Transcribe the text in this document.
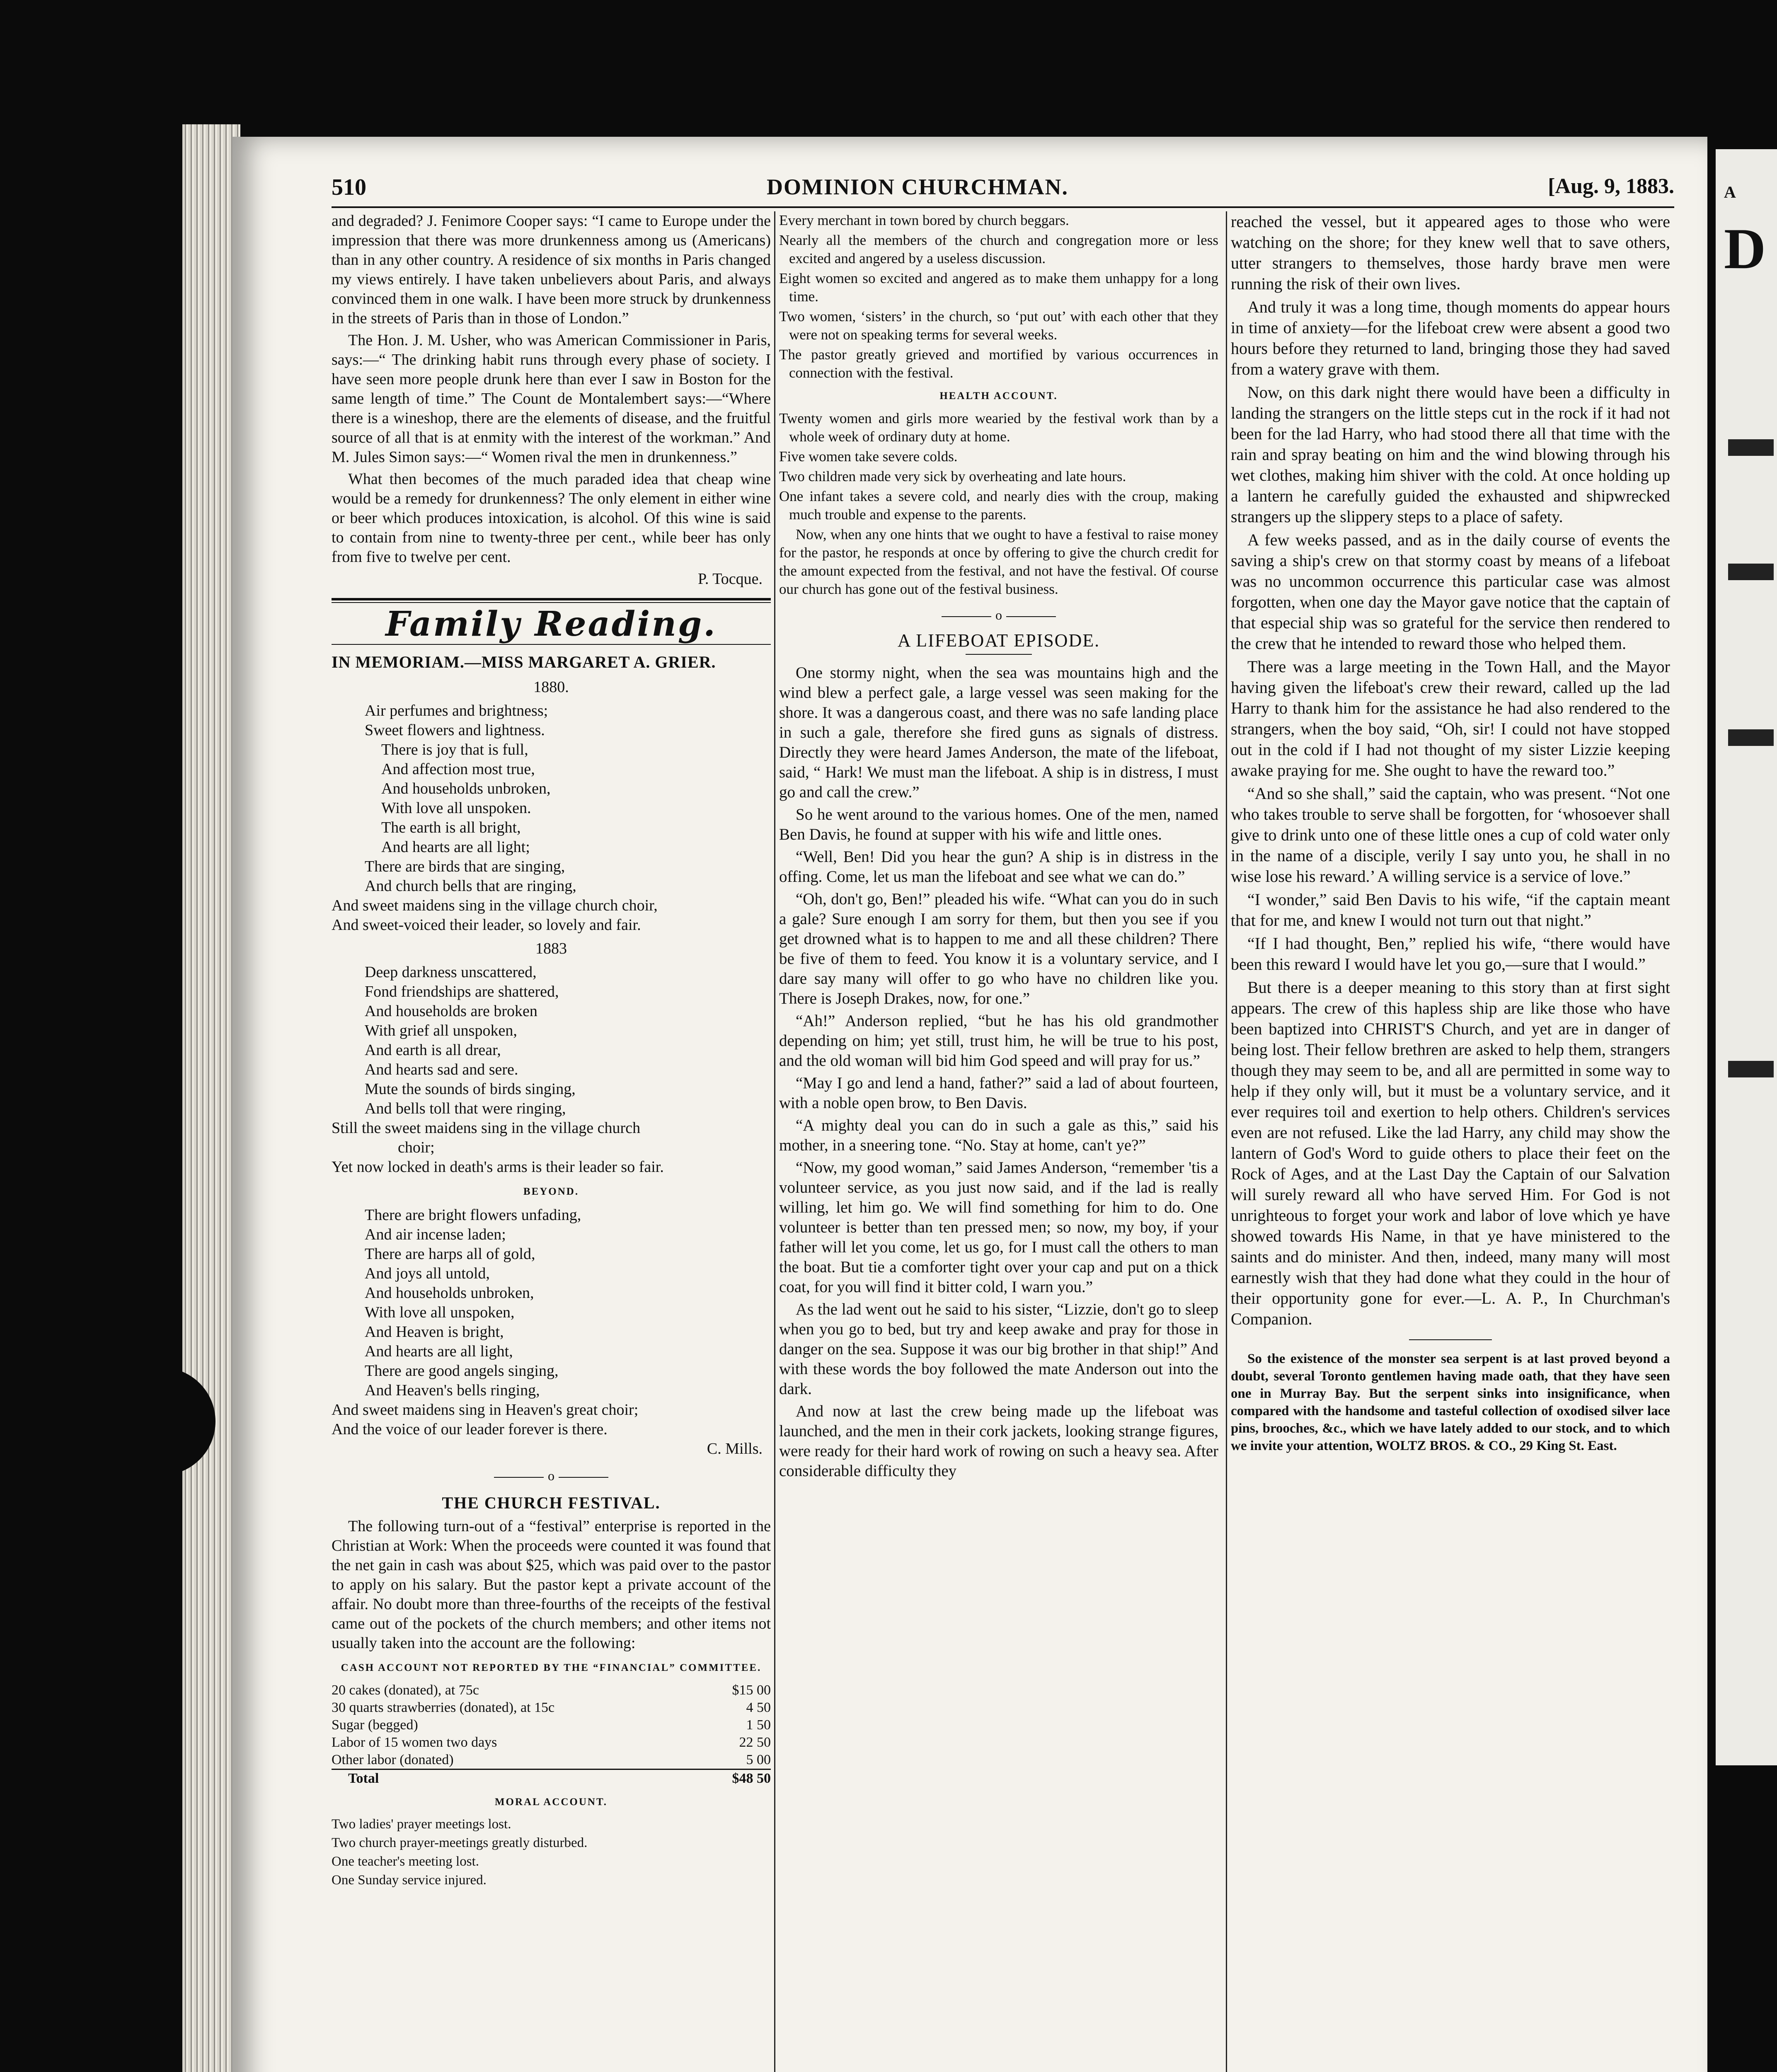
A
D
510	DOMINION CHURCHMAN.	[Aug. 9, 1883.

and degraded? J. Fenimore Cooper says: “I came to Europe under the impression that there was more drunkenness among us (Americans) than in any other country. A residence of six months in Paris changed my views entirely. I have taken unbelievers about Paris, and always convinced them in one walk. I have been more struck by drunkenness in the streets of Paris than in those of London.”

The Hon. J. M. Usher, who was American Commissioner in Paris, says:—“ The drinking habit runs through every phase of society. I have seen more people drunk here than ever I saw in Boston for the same length of time.” The Count de Montalembert says:—“Where there is a wineshop, there are the elements of disease, and the fruitful source of all that is at enmity with the interest of the workman.” And M. Jules Simon says:—“ Women rival the men in drunkenness.”

What then becomes of the much paraded idea that cheap wine would be a remedy for drunkenness? The only element in either wine or beer which produces intoxication, is alcohol. Of this wine is said to contain from nine to twenty-three per cent., while beer has only from five to twelve per cent.

P. Tocque.

Family Reading.

IN MEMORIAM.—MISS MARGARET A. GRIER.

1880.
Air perfumes and brightness;
Sweet flowers and lightness.
There is joy that is full,
And affection most true,
And households unbroken,
With love all unspoken.
The earth is all bright,
And hearts are all light;
There are birds that are singing,
And church bells that are ringing,
And sweet maidens sing in the village church choir,
And sweet-voiced their leader, so lovely and fair.
1883
Deep darkness unscattered,
Fond friendships are shattered,
And households are broken
With grief all unspoken,
And earth is all drear,
And hearts sad and sere.
Mute the sounds of birds singing,
And bells toll that were ringing,
Still the sweet maidens sing in the village church
choir;
Yet now locked in death's arms is their leader so fair.
BEYOND.
There are bright flowers unfading,
And air incense laden;
There are harps all of gold,
And joys all untold,
And households unbroken,
With love all unspoken,
And Heaven is bright,
And hearts are all light,
There are good angels singing,
And Heaven's bells ringing,
And sweet maidens sing in Heaven's great choir;
And the voice of our leader forever is there.

C. Mills.

o
THE CHURCH FESTIVAL.

The following turn-out of a “festival” enterprise is reported in the Christian at Work: When the proceeds were counted it was found that the net gain in cash was about $25, which was paid over to the pastor to apply on his salary. But the pastor kept a private account of the affair. No doubt more than three-fourths of the receipts of the festival came out of the pockets of the church members; and other items not usually taken into the account are the following:

CASH ACCOUNT NOT REPORTED BY THE “FINANCIAL” COMMITTEE.
20 cakes (donated), at 75c	$15 00
30 quarts strawberries (donated), at 15c	4 50
Sugar (begged)	1 50
Labor of 15 women two days	22 50
Other labor (donated)	5 00
Total	$48 50
MORAL ACCOUNT.

Two ladies' prayer meetings lost.

Two church prayer-meetings greatly disturbed.

One teacher's meeting lost.

One Sunday service injured.

Every merchant in town bored by church beggars.

Nearly all the members of the church and congregation more or less excited and angered by a useless discussion.

Eight women so excited and angered as to make them unhappy for a long time.

Two women, ‘sisters’ in the church, so ‘put out’ with each other that they were not on speaking terms for several weeks.

The pastor greatly grieved and mortified by various occurrences in connection with the festival.

HEALTH ACCOUNT.

Twenty women and girls more wearied by the festival work than by a whole week of ordinary duty at home.

Five women take severe colds.

Two children made very sick by overheating and late hours.

One infant takes a severe cold, and nearly dies with the croup, making much trouble and expense to the parents.

Now, when any one hints that we ought to have a festival to raise money for the pastor, he responds at once by offering to give the church credit for the amount expected from the festival, and not have the festival. Of course our church has gone out of the festival business.

o
A LIFEBOAT EPISODE.

One stormy night, when the sea was mountains high and the wind blew a perfect gale, a large vessel was seen making for the shore. It was a dangerous coast, and there was no safe landing place in such a gale, therefore she fired guns as signals of distress. Directly they were heard James Anderson, the mate of the lifeboat, said, “ Hark! We must man the lifeboat. A ship is in distress, I must go and call the crew.”

So he went around to the various homes. One of the men, named Ben Davis, he found at supper with his wife and little ones.

“Well, Ben! Did you hear the gun? A ship is in distress in the offing. Come, let us man the lifeboat and see what we can do.”

“Oh, don't go, Ben!” pleaded his wife. “What can you do in such a gale? Sure enough I am sorry for them, but then you see if you get drowned what is to happen to me and all these children? There be five of them to feed. You know it is a voluntary service, and I dare say many will offer to go who have no children like you. There is Joseph Drakes, now, for one.”

“Ah!” Anderson replied, “but he has his old grandmother depending on him; yet still, trust him, he will be true to his post, and the old woman will bid him God speed and will pray for us.”

“May I go and lend a hand, father?” said a lad of about fourteen, with a noble open brow, to Ben Davis.

“A mighty deal you can do in such a gale as this,” said his mother, in a sneering tone. “No. Stay at home, can't ye?”

“Now, my good woman,” said James Anderson, “remember 'tis a volunteer service, as you just now said, and if the lad is really willing, let him go. We will find something for him to do. One volunteer is better than ten pressed men; so now, my boy, if your father will let you come, let us go, for I must call the others to man the boat. But tie a comforter tight over your cap and put on a thick coat, for you will find it bitter cold, I warn you.”

As the lad went out he said to his sister, “Lizzie, don't go to sleep when you go to bed, but try and keep awake and pray for those in danger on the sea. Suppose it was our big brother in that ship!” And with these words the boy followed the mate Anderson out into the dark.

And now at last the crew being made up the lifeboat was launched, and the men in their cork jackets, looking strange figures, were ready for their hard work of rowing on such a heavy sea. After considerable difficulty they

reached the vessel, but it appeared ages to those who were watching on the shore; for they knew well that to save others, utter strangers to themselves, those hardy brave men were running the risk of their own lives.

And truly it was a long time, though moments do appear hours in time of anxiety—for the lifeboat crew were absent a good two hours before they returned to land, bringing those they had saved from a watery grave with them.

Now, on this dark night there would have been a difficulty in landing the strangers on the little steps cut in the rock if it had not been for the lad Harry, who had stood there all that time with the rain and spray beating on him and the wind blowing through his wet clothes, making him shiver with the cold. At once holding up a lantern he carefully guided the exhausted and shipwrecked strangers up the slippery steps to a place of safety.

A few weeks passed, and as in the daily course of events the saving a ship's crew on that stormy coast by means of a lifeboat was no uncommon occurrence this particular case was almost forgotten, when one day the Mayor gave notice that the captain of that especial ship was so grateful for the service then rendered to the crew that he intended to reward those who helped them.

There was a large meeting in the Town Hall, and the Mayor having given the lifeboat's crew their reward, called up the lad Harry to thank him for the assistance he had also rendered to the strangers, when the boy said, “Oh, sir! I could not have stopped out in the cold if I had not thought of my sister Lizzie keeping awake praying for me. She ought to have the reward too.”

“And so she shall,” said the captain, who was present. “Not one who takes trouble to serve shall be forgotten, for ‘whosoever shall give to drink unto one of these little ones a cup of cold water only in the name of a disciple, verily I say unto you, he shall in no wise lose his reward.’ A willing service is a service of love.”

“I wonder,” said Ben Davis to his wife, “if the captain meant that for me, and knew I would not turn out that night.”

“If I had thought, Ben,” replied his wife, “there would have been this reward I would have let you go,—sure that I would.”

But there is a deeper meaning to this story than at first sight appears. The crew of this hapless ship are like those who have been baptized into CHRIST'S Church, and yet are in danger of being lost. Their fellow brethren are asked to help them, strangers though they may seem to be, and all are permitted in some way to help if they only will, but it must be a voluntary service, and it ever requires toil and exertion to help others. Children's services even are not refused. Like the lad Harry, any child may show the lantern of God's Word to guide others to place their feet on the Rock of Ages, and at the Last Day the Captain of our Salvation will surely reward all who have served Him. For God is not unrighteous to forget your work and labor of love which ye have showed towards His Name, in that ye have ministered to the saints and do minister. And then, indeed, many many will most earnestly wish that they had done what they could in the hour of their opportunity gone for ever.—L. A. P., In Churchman's Companion.

So the existence of the monster sea serpent is at last proved beyond a doubt, several Toronto gentlemen having made oath, that they have seen one in Murray Bay. But the serpent sinks into insignificance, when compared with the handsome and tasteful collection of oxodised silver lace pins, brooches, &c., which we have lately added to our stock, and to which we invite your attention, WOLTZ BROS. & CO., 29 King St. East.
